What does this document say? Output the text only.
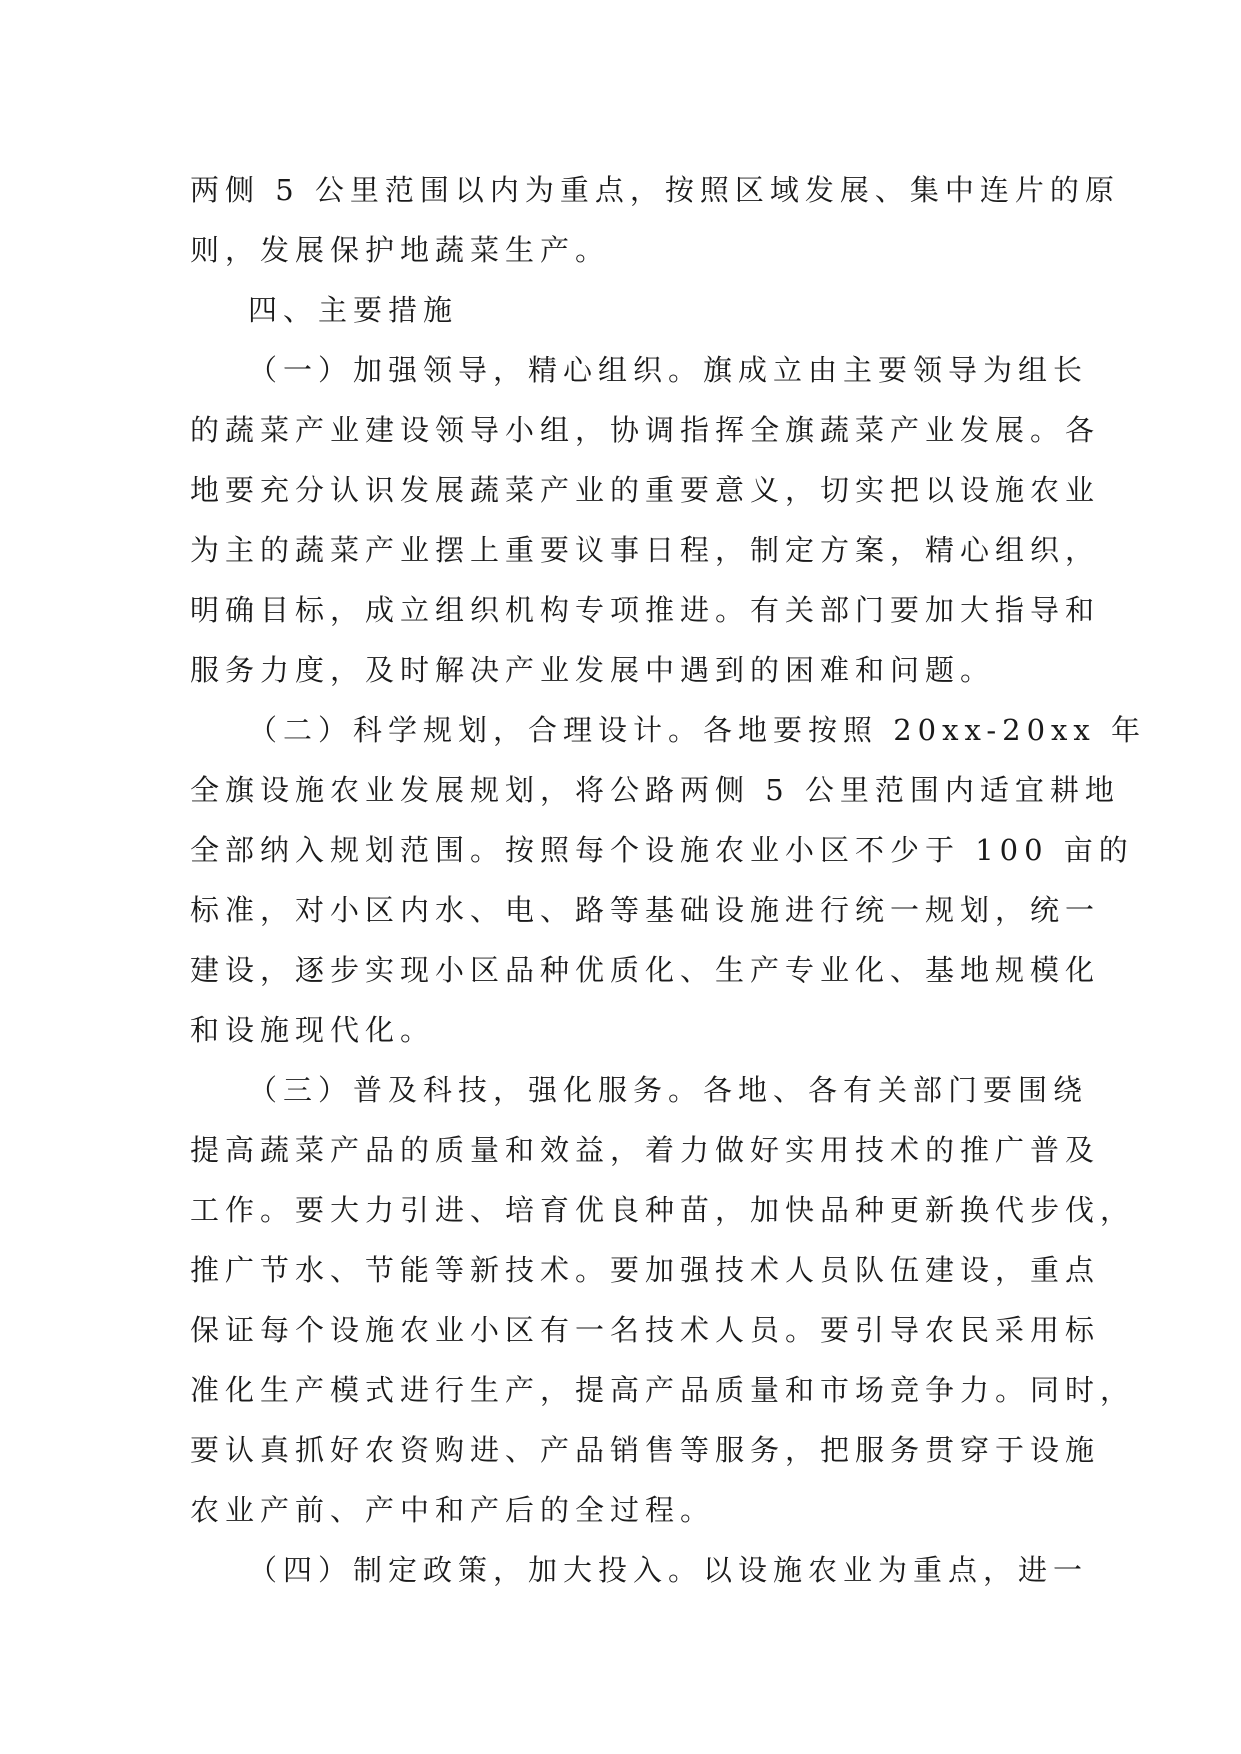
两侧 5 公里范围以内为重点，按照区域发展、集中连片的原
则，发展保护地蔬菜生产。
四、主要措施
（一）加强领导，精心组织。旗成立由主要领导为组长
的蔬菜产业建设领导小组，协调指挥全旗蔬菜产业发展。各
地要充分认识发展蔬菜产业的重要意义，切实把以设施农业
为主的蔬菜产业摆上重要议事日程，制定方案，精心组织，
明确目标，成立组织机构专项推进。有关部门要加大指导和
服务力度，及时解决产业发展中遇到的困难和问题。
（二）科学规划，合理设计。各地要按照 20xx-20xx 年
全旗设施农业发展规划，将公路两侧 5 公里范围内适宜耕地
全部纳入规划范围。按照每个设施农业小区不少于 100 亩的
标准，对小区内水、电、路等基础设施进行统一规划，统一
建设，逐步实现小区品种优质化、生产专业化、基地规模化
和设施现代化。
（三）普及科技，强化服务。各地、各有关部门要围绕
提高蔬菜产品的质量和效益，着力做好实用技术的推广普及
工作。要大力引进、培育优良种苗，加快品种更新换代步伐，
推广节水、节能等新技术。要加强技术人员队伍建设，重点
保证每个设施农业小区有一名技术人员。要引导农民采用标
准化生产模式进行生产，提高产品质量和市场竞争力。同时，
要认真抓好农资购进、产品销售等服务，把服务贯穿于设施
农业产前、产中和产后的全过程。
（四）制定政策，加大投入。以设施农业为重点，进一
